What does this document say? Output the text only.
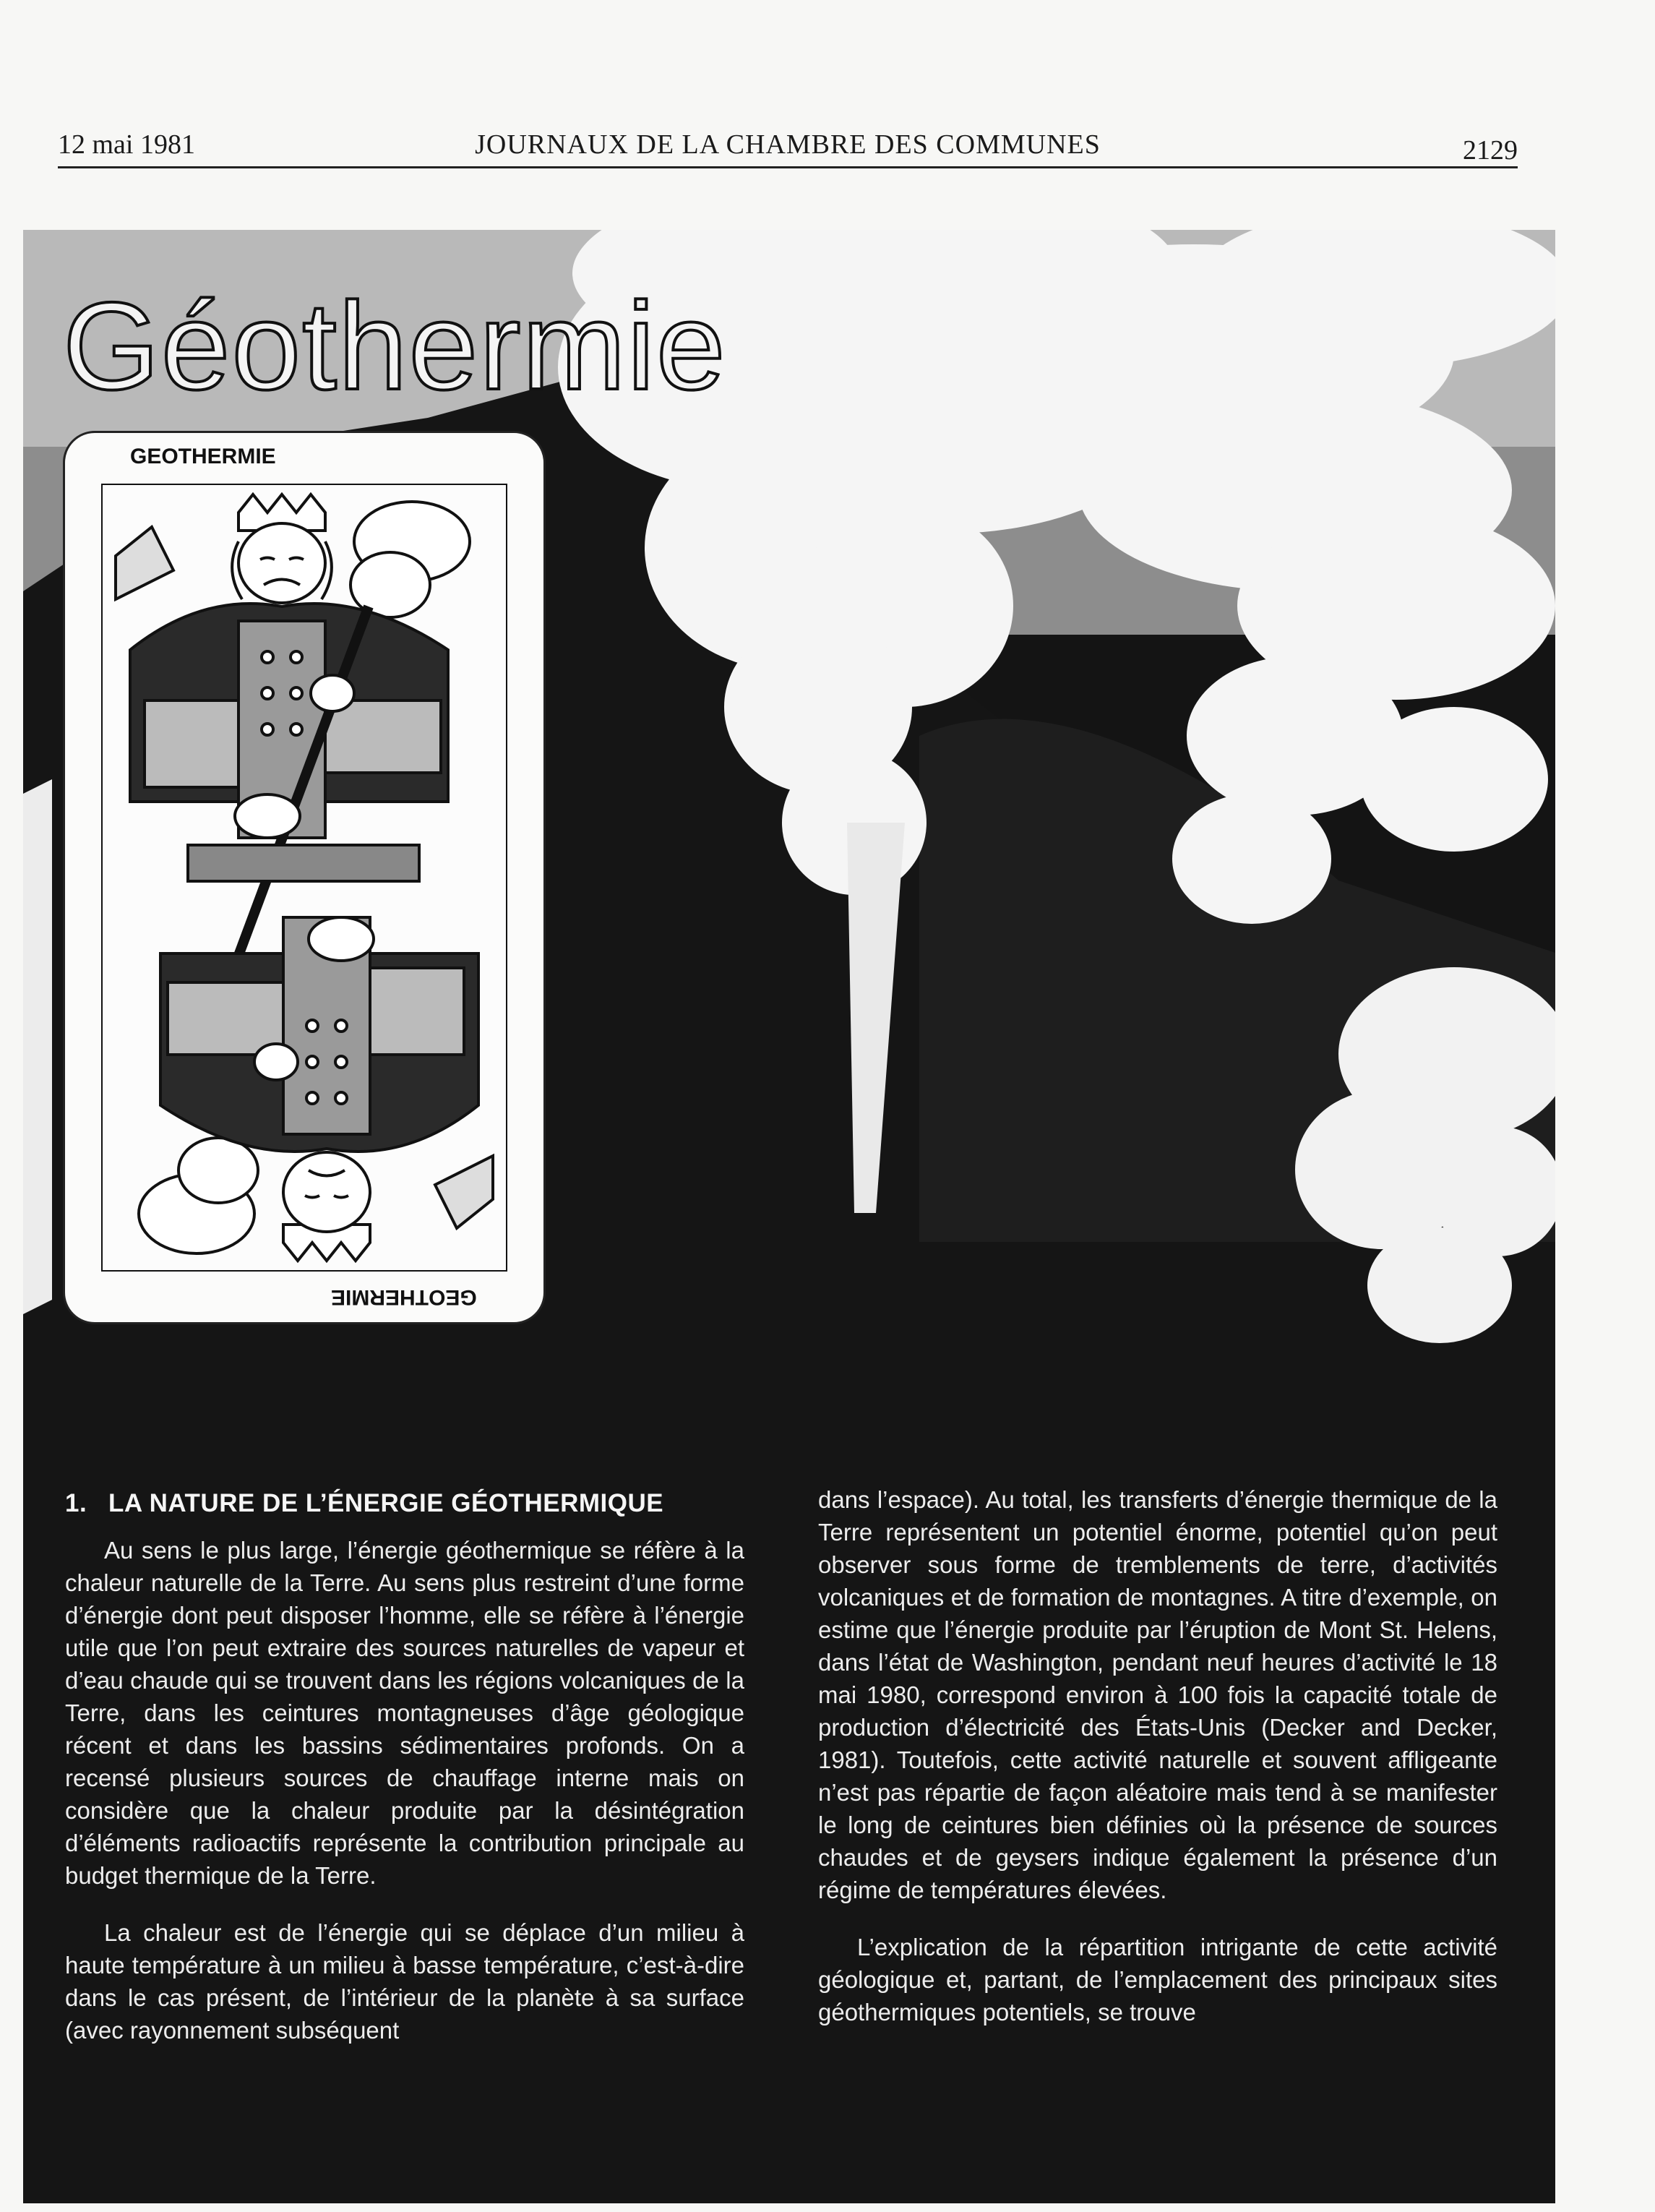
12 mai 1981	JOURNAUX DE LA CHAMBRE DES COMMUNES	2129
Géothermie
GEOTHERMIE
GEOTHERMIE
1. LA NATURE DE L’ÉNERGIE GÉOTHERMIQUE

Au sens le plus large, l’énergie géothermique se réfère à la chaleur naturelle de la Terre. Au sens plus restreint d’une forme d’énergie dont peut disposer l’homme, elle se réfère à l’énergie utile que l’on peut extraire des sources naturelles de vapeur et d’eau chaude qui se trouvent dans les régions volcaniques de la Terre, dans les ceintures montagneuses d’âge géologique récent et dans les bassins sédimentaires profonds. On a recensé plusieurs sources de chauffage interne mais on considère que la chaleur produite par la désintégration d’éléments radioactifs représente la contribution principale au budget thermique de la Terre.

La chaleur est de l’énergie qui se déplace d’un milieu à haute température à un milieu à basse température, c’est-à-dire dans le cas présent, de l’intérieur de la planète à sa surface (avec rayonnement subséquent

dans l’espace). Au total, les transferts d’énergie thermique de la Terre représentent un potentiel énorme, potentiel qu’on peut observer sous forme de tremblements de terre, d’activités volcaniques et de formation de montagnes. A titre d’exemple, on estime que l’énergie produite par l’éruption de Mont St. Helens, dans l’état de Washington, pendant neuf heures d’activité le 18 mai 1980, correspond environ à 100 fois la capacité totale de production d’électricité des États-Unis (Decker and Decker, 1981). Toutefois, cette activité naturelle et souvent affligeante n’est pas répartie de façon aléatoire mais tend à se manifester le long de ceintures bien définies où la présence de sources chaudes et de geysers indique également la présence d’un régime de températures élevées.

L’explication de la répartition intrigante de cette activité géologique et, partant, de l’emplacement des principaux sites géothermiques potentiels, se trouve
